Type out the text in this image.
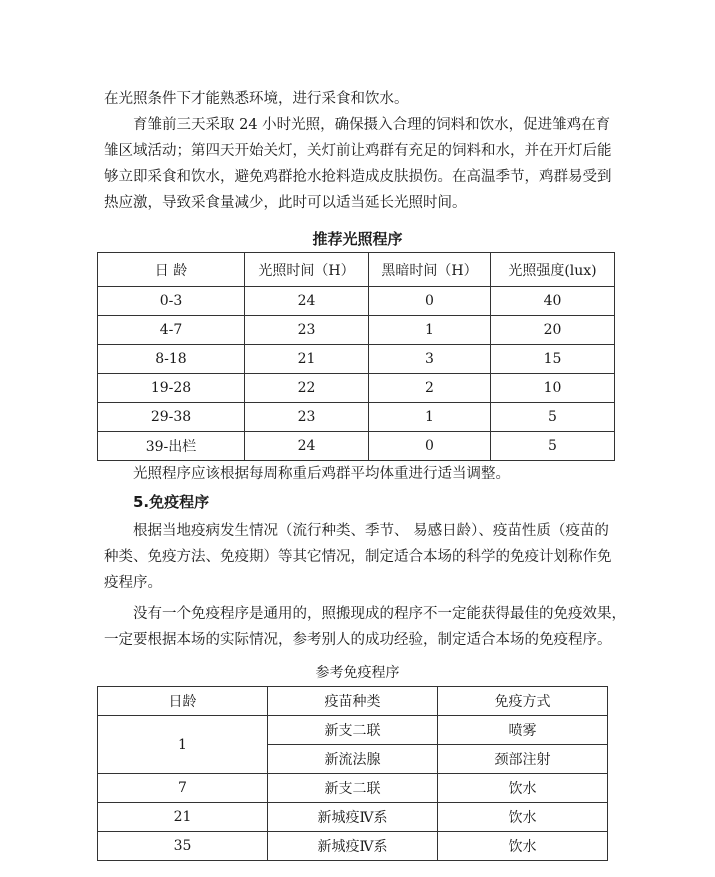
在光照条件下才能熟悉环境，进行采食和饮水。

育雏前三天采取 24 小时光照，确保摄入合理的饲料和饮水，促进雏鸡在育
雏区域活动；第四天开始关灯，关灯前让鸡群有充足的饲料和水，并在开灯后能
够立即采食和饮水，避免鸡群抢水抢料造成皮肤损伤。在高温季节，鸡群易受到
热应激，导致采食量减少，此时可以适当延长光照时间。

推荐光照程序
日 龄	光照时间（H）	黑暗时间（H）	光照强度(lux)
0-3	24	0	40
4-7	23	1	20
8-18	21	3	15
19-28	22	2	10
29-38	23	1	5
39-出栏	24	0	5

光照程序应该根据每周称重后鸡群平均体重进行适当调整。

5.免疫程序

根据当地疫病发生情况（流行种类、季节、 易感日龄）、疫苗性质（疫苗的
种类、免疫方法、免疫期）等其它情况，制定适合本场的科学的免疫计划称作免
疫程序。

没有一个免疫程序是通用的，照搬现成的程序不一定能获得最佳的免疫效果，
一定要根据本场的实际情况，参考别人的成功经验，制定适合本场的免疫程序。

参考免疫程序
日龄	疫苗种类	免疫方式
1	新支二联	喷雾
	新流法腺	颈部注射
7	新支二联	饮水
21	新城疫Ⅳ系	饮水
35	新城疫Ⅳ系	饮水
